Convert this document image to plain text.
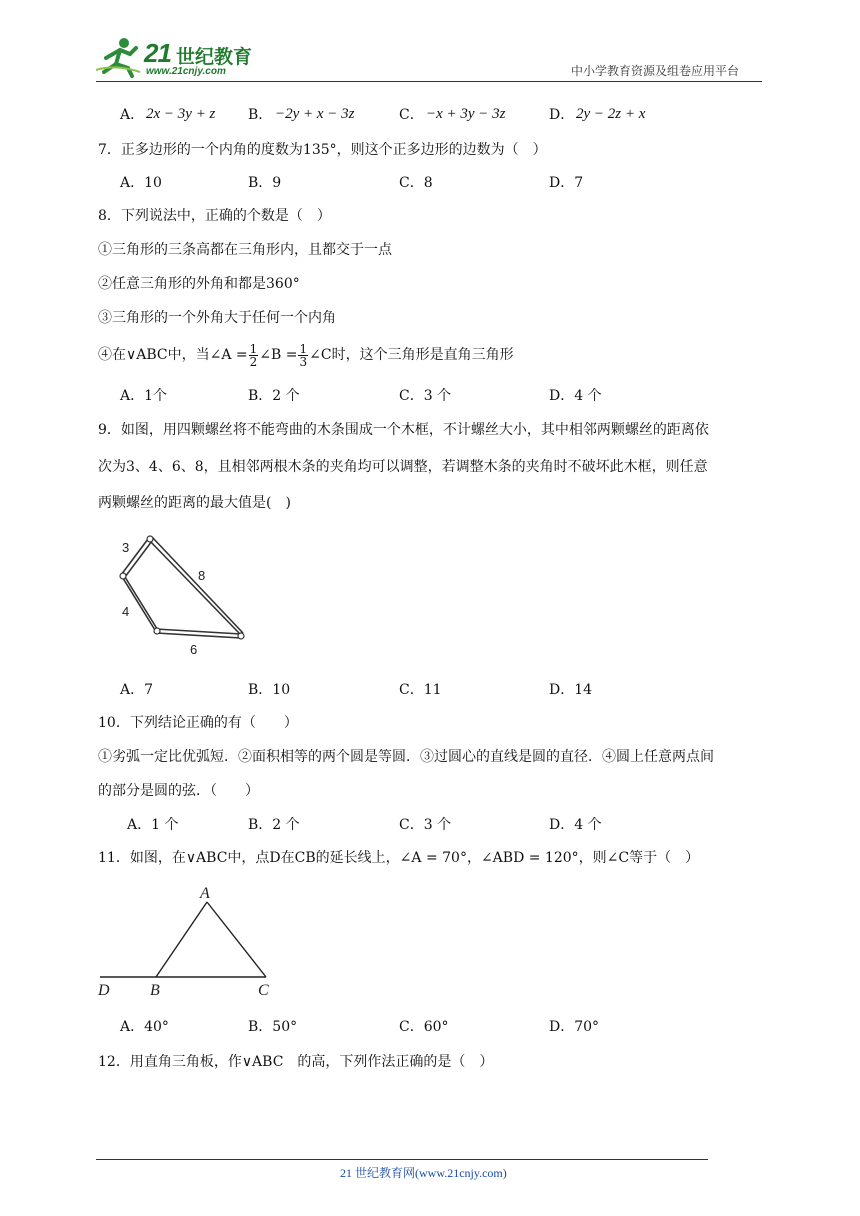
21 世纪教育
www.21cnjy.com	中小学教育资源及组卷应用平台
A． 2x − 3y + z B． −2y + x − 3z	C． −x + 3y − 3z	D． 2y − 2z + x
7．正多边形的一个内角的度数为135°，则这个正多边形的边数为（　）
A．10	B．9	C．8	D．7
8．下列说法中，正确的个数是（　）
①三角形的三条高都在三角形内，且都交于一点
②任意三角形的外角和都是360°
③三角形的一个外角大于任何一个内角
④在∨ABC中，当∠A = $\frac{1}{2}$ ∠B = $\frac{1}{3}$ ∠C时，这个三角形是直角三角形
A．1个	B．2 个	C．3 个	D．4 个
9．如图，用四颗螺丝将不能弯曲的木条围成一个木框，不计螺丝大小，其中相邻两颗螺丝的距离依
次为3、4、6、8，且相邻两根木条的夹角均可以调整，若调整木条的夹角时不破坏此木框，则任意
两颗螺丝的距离的最大值是(　)
3
4
6
8
A．7	B．10	C．11	D．14
10．下列结论正确的有（　　）
①劣弧一定比优弧短．②面积相等的两个圆是等圆．③过圆心的直线是圆的直径．④圆上任意两点间
的部分是圆的弦．（　　）
A．1 个	B．2 个	C．3 个	D．4 个
11．如图，在∨ABC中，点D在CB的延长线上，∠A = 70°，∠ABD = 120°，则∠C等于（　）
A
B	C
D
A．40°	B．50°	C．60°	D．70°
12．用直角三角板，作∨ABC　的高，下列作法正确的是（　）
21 世纪教育网(www.21cnjy.com)
